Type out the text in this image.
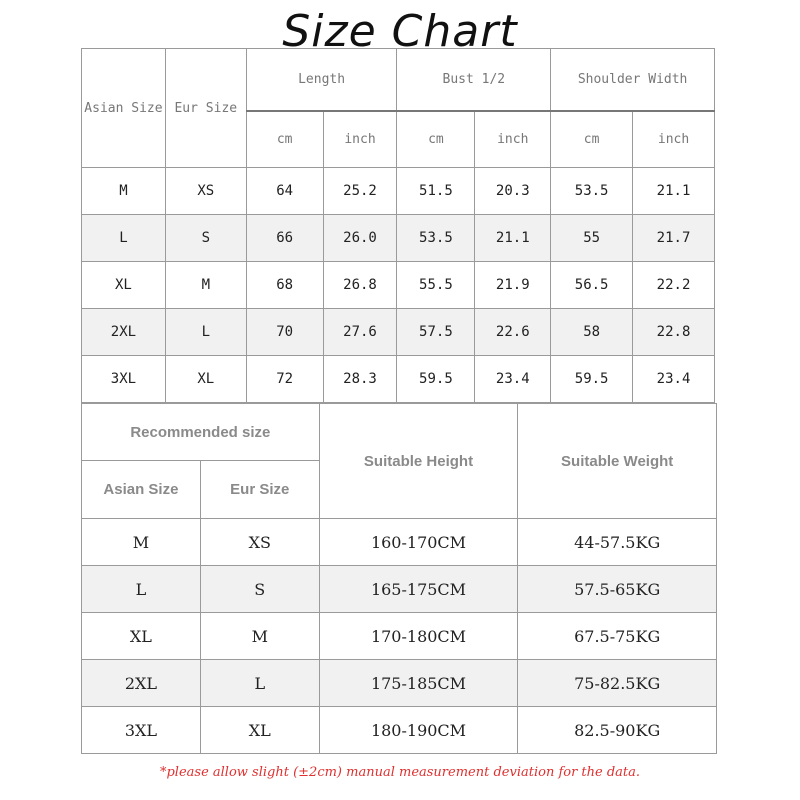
Size Chart
Asian Size	Eur Size	Length		Bust 1/2		Shoulder Width	
		cm	inch	cm	inch	cm	inch
M	XS	64	25.2	51.5	20.3	53.5	21.1
L	S	66	26.0	53.5	21.1	55	21.7
XL	M	68	26.8	55.5	21.9	56.5	22.2
2XL	L	70	27.6	57.5	22.6	58	22.8
3XL	XL	72	28.3	59.5	23.4	59.5	23.4
Recommended size		Suitable Height	Suitable Weight
Asian Size	Eur Size		
M	XS	160-170CM	44-57.5KG
L	S	165-175CM	57.5-65KG
XL	M	170-180CM	67.5-75KG
2XL	L	175-185CM	75-82.5KG
3XL	XL	180-190CM	82.5-90KG
*please allow slight (±2cm) manual measurement deviation for the data.
